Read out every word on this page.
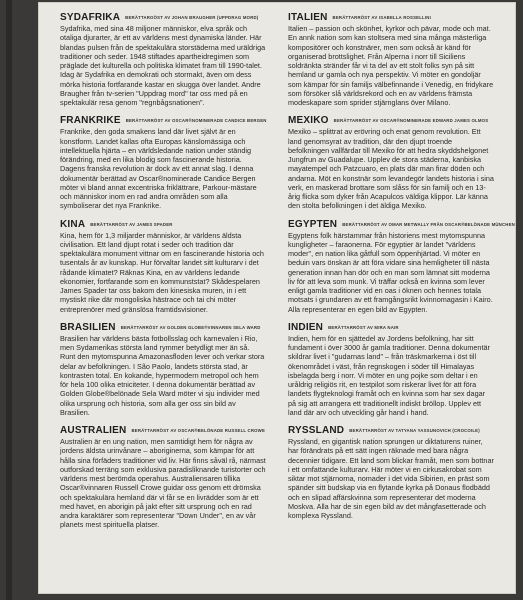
SYDAFRIKA BERÄTTAROÖST AV JOHAN BRAUGHER (UPPDRAG MORD)

Sydafrika, med sina 48 miljoner människor, elva språk och otaliga djurarter, är ett av världens mest dynamiska länder. Här blandas pulsen från de spektakulära storstäderna med uräldriga traditioner och seder. 1948 stiftades apartheidregimen som präglade det kulturella och politiska klimatet fram till 1990-talet. Idag är Sydafrika en demokrati och stormakt, även om dess mörka historia fortfarande kastar en skugga över landet. Andre Braugher från tv-serien "Uppdrag mord" tar oss med på en spektakulär resa genom "regnbågsnationen".

FRANKRIKE BERÄTTARRÖST AV OSCAR®NOMINERADE CANDICE BERGEN

Frankrike, den goda smakens land där livet självt är en konstform. Landet kallas ofta Europas känslomässiga och intellektuella hjärta – en världsledande nation under ständig förändring, med en lika blodig som fascinerande historia. Dagens franska revolution är dock av ett annat slag. I denna dokumentär berättad av Oscar®nominerade Candice Bergen möter vi bland annat excentriska friklättrare, Parkour-mästare och människor inom en rad andra områden som alla symboliserar det nya Frankrike.

KINA BERÄTTARRÖST AV JAMES SPADER

Kina, hem för 1,3 miljarder människor, är världens äldsta civilisation. Ett land djupt rotat i seder och tradition där spektakulära monument vittnar om en fascinerande historia och tusentals år av kunskap. Hur förvaltar landet sitt kulturarv i det rådande klimatet? Räknas Kina, en av världens ledande ekonomier, fortfarande som en kommunststat? Skådespelaren James Spader tar oss bakom den kinesiska muren, in i ett mystiskt rike där mongoliska hästrace och tai chi möter entreprenörer med gränslösa framtidsvisioner.

BRASILIEN BERÄTTARRÖST AV GOLDEN GLOBE®VINNAREN SELA WARD

Brasilien har världens bästa fotbollsslag och karnevalen i Rio, men Sydamerikas största land rymmer betydligt mer än så. Runt den mytomspunna Amazonasfloden lever och verkar stora delar av befolkningen. I São Paolo, landets största stad, är kontrasten total. En kokande, hypermodern metropol och hem för hela 100 olika etniciteter. I denna dokumentär berättad av Golden Globe®belönade Sela Ward möter vi sju individer med olika ursprung och historia, som alla ger oss sin bild av Brasilien.

AUSTRALIEN BERÄTTARRÖST AV OSCAR®BELÖNADE RUSSELL CROWE

Australien är en ung nation, men samtidigt hem för några av jordens äldsta urinvånare – aboriginerna, som kämpar för att hålla sina förfäders traditioner vid liv. Här finns såväl rå, närmast outforskad terräng som exklusiva paradisliknande turistorter och världens mest berömda operahus. Australiensaren tillika Oscar®vinnaren Russell Crowe guidar oss genom ett drömska och spektakulära hemland där vi får se en livrädder som är ett med havet, en aborigin på jakt efter sitt ursprung och en rad andra karaktärer som representerar "Down Under", en av vår planets mest spirituella platser.

ITALIEN BERÄTTARRÖST AV ISABELLA ROSSELLINI

Italien – passion och skönhet, kyrkor och pävar, mode och mat. En annk nation som kan stoltsera med sina många mästerliga kompositörer och konstnärer, men som också är känd för organiserad brottslighet. Från Alperna i norr till Siciliens soldränkta stränder får vi ta del av ett stolt folks syn på sitt hemland ur gamla och nya perspektiv. Vi möter en gondoljär som kämpar för sin familjs välbefinnande i Venedig, en fridykare som försöker slå världsrekord och en av världens främsta modeskapare som sprider stjärnglans över Milano.

MEXIKO BERÄTTARRÖST AV OSCAR®NOMINERADE EDWARD JAMES OLMOS

Mexiko – splittrat av erövring och enat genom revolution. Ett land genomsyrat av tradition, där den djupt troende befolkningen vallfärdar till Mexiko för att hedra skyddshelgonet Jungfrun av Guadalupe. Upplev de stora städerna, kanbiska mayatempel och Patzcuaro, en plats där man firar döden och andarna. Möt en konstnär som levandegör landets historia i sina verk, en maskerad brottare som slåss för sin familj och en 13-årig flicka som dyker från Acapulcos väldiga klippor. Lär känna den stolta befolkningen i det äldiga Mexiko.

EGYPTEN BERÄTTARRÖST AV OMAR METWALLY FRÅN OSCAR®BELÖNADE MÜNCHEN

Egyptens folk härstammar från historiens mest mytomspunna kungligheter – faraonerna. För egyptier är landet "världens moder", en nation lika gåtfull som öppenhjärtad. Vi möter en beduin vars önskan är att föra vidare sina hemligheter till nästa generation innan han dör och en man som lämnat sitt moderna liv för att leva som munk. Vi träffar också en kvinna som lever enligt gamla traditioner vid en oas i öknen och hennes totala motsats i grundaren av ett framgångsrikt kvinnomagasin i Kairo. Alla representerar en egen bild av Egypten.

INDIEN BERÄTTARRÖST AV MIRA NAIR

Indien, hem för en sjättedel av Jordens befolkning, har sitt fundament i över 3000 år gamla traditioner. Denna dokumentär skildrar livet i "gudarnas land" – från träskmarkerna i öst till ökenområdet i väst, från regnskogen i söder till Himalayas isbelagda berg i norr. Vi möter en ung pojke som deltar i en uråldrig religiös rit, en testpilot som riskerar livet för att föra landets flygteknologi framåt och en kvinna som har sex dagar på sig att arrangera ett traditionellt indiskt bröllop. Upplev ett land där arv och utveckling går hand i hand.

RYSSLAND BERÄTTARRÖST AV TATYANA YASSUNOVICH (CROCOILE)

Ryssland, en gigantisk nation sprungen ur diktaturens ruiner, har förändrats på ett sätt ingen räknade med bara några decennier tidigare. Ett land som blickar framåt, men som bottnar i ett omfattande kulturarv. Här möter vi en cirkusakrobat som siktar mot stjärnorna, nomader i det vida Sibirien, en präst som spänder sitt budskap via en flytande kyrka på Donaus flodbädd och en slipad affärskvinna som representerar det moderna Moskva. Alla har de sin egen bild av det mångfasetterade och komplexa Ryssland.
